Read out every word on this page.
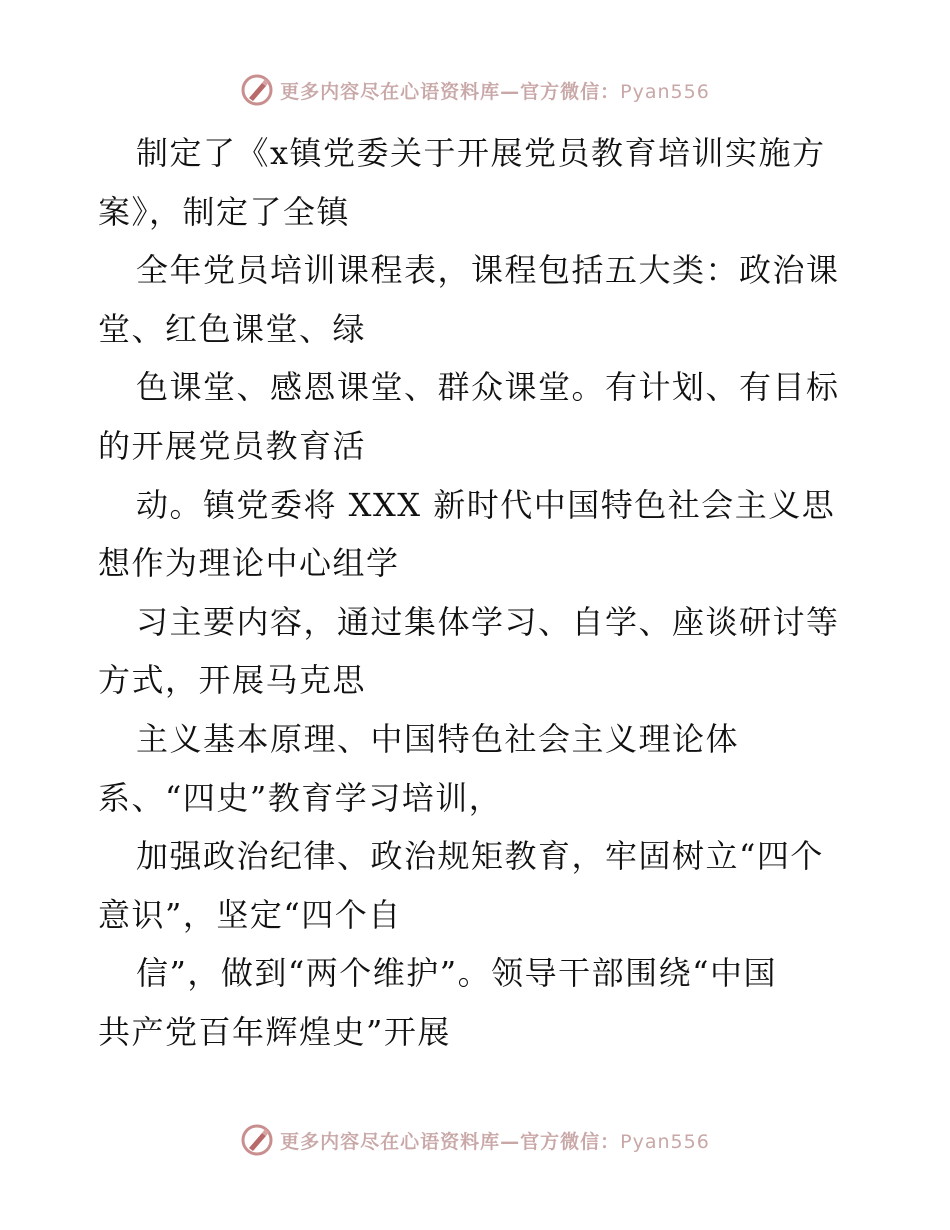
更多内容尽在心语资料库—官方微信：Pyan556
制定了《x镇党委关于开展党员教育培训实施方
案》，制定了全镇
全年党员培训课程表，课程包括五大类：政治课
堂、红色课堂、绿
色课堂、感恩课堂、群众课堂。有计划、有目标
的开展党员教育活
动。镇党委将 XXX 新时代中国特色社会主义思
想作为理论中心组学
习主要内容，通过集体学习、自学、座谈研讨等
方式，开展马克思
主义基本原理、中国特色社会主义理论体
系、“四史”教育学习培训，
加强政治纪律、政治规矩教育，牢固树立“四个
意识”，坚定“四个自
信”，做到“两个维护”。领导干部围绕“中国
共产党百年辉煌史”开展
更多内容尽在心语资料库—官方微信：Pyan556
